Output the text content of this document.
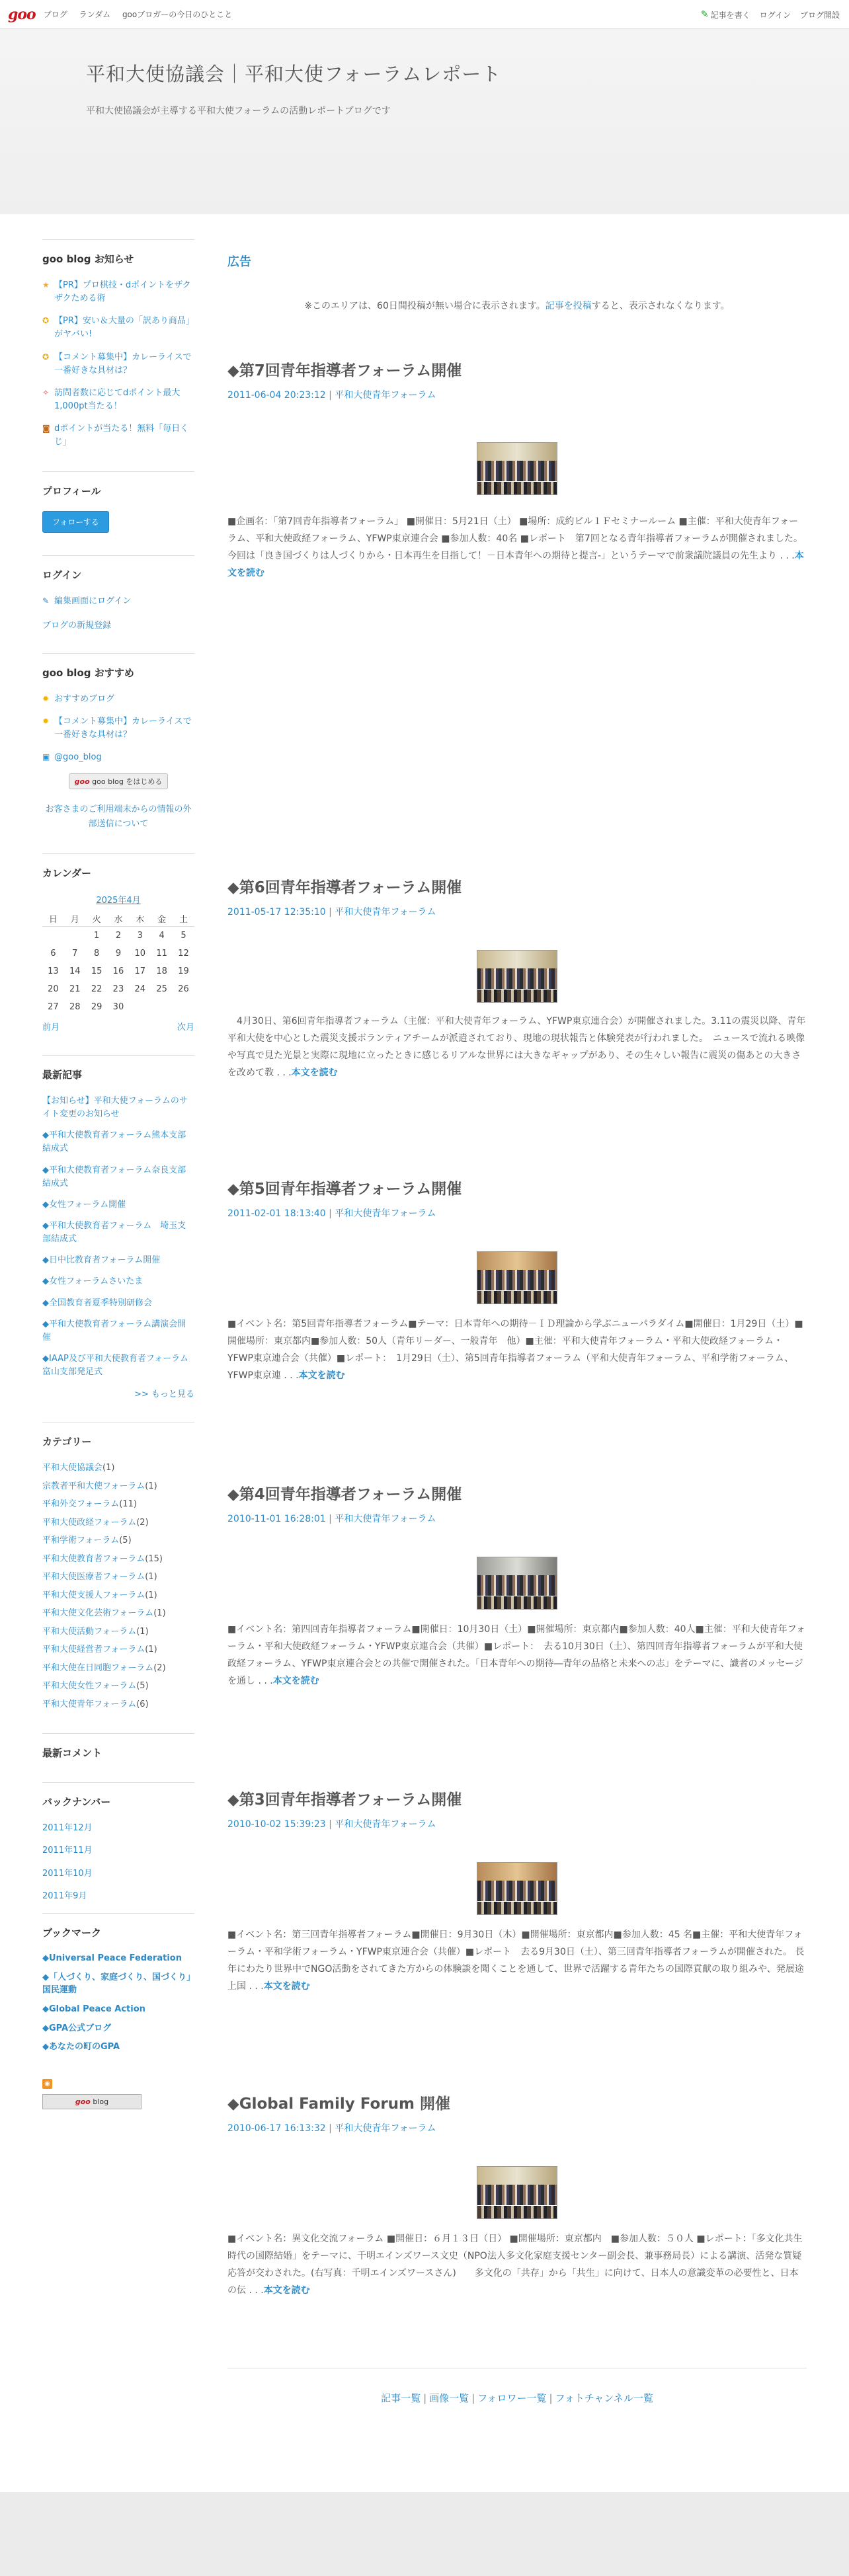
goo ブログ ランダム gooブロガーの今日のひとこと	✎ 記事を書く ログイン ブログ開設
平和大使協議会｜平和大使フォーラムレポート
平和大使協議会が主導する平和大使フォーラムの活動レポートブログです
goo blog お知らせ
★ 【PR】プロ棋技・dポイントをザクザクためる術
✪ 【PR】安い＆大量の「訳あり商品」がヤバい!
✪ 【コメント募集中】カレーライスで一番好きな具材は？
✧ 訪問者数に応じてdポイント最大1,000pt当たる！
◙ dポイントが当たる！無料「毎日くじ」
プロフィール
フォローする
ログイン
✎ 編集画面にログイン
ブログの新規登録
goo blog おすすめ
✹ おすすめブログ
✹ 【コメント募集中】カレーライスで一番好きな具材は？
▣ @goo_blog
goo goo blog をはじめる
お客さまのご利用端末からの情報の外部送信について
カレンダー
2025年4月
日	月	火	水	木	金	土
		1	2	3	4	5
6	7	8	9	10	11	12
13	14	15	16	17	18	19
20	21	22	23	24	25	26
27	28	29	30			
前月	次月
最新記事
【お知らせ】平和大使フォーラムのサイト変更のお知らせ
◆平和大使教育者フォーラム熊本支部結成式
◆平和大使教育者フォーラム奈良支部結成式
◆女性フォーラム開催
◆平和大使教育者フォーラム　埼玉支部結成式
◆日中比教育者フォーラム開催
◆女性フォーラムさいたま
◆全国教育者夏季特別研修会
◆平和大使教育者フォーラム講演会開催
◆IAAP及び平和大使教育者フォーラム富山支部発足式
>> もっと見る
カテゴリー
平和大使協議会 (1)
宗教者平和大使フォーラム (1)
平和外交フォーラム (11)
平和大使政経フォーラム (2)
平和学術フォーラム (5)
平和大使教育者フォーラム (15)
平和大使医療者フォーラム (1)
平和大使支援人フォーラム (1)
平和大使文化芸術フォーラム (1)
平和大使活動フォーラム (1)
平和大使経営者フォーラム (1)
平和大使在日同胞フォーラム (2)
平和大使女性フォーラム (5)
平和大使青年フォーラム (6)
最新コメント
バックナンバー
2011年12月
2011年11月
2011年10月
2011年9月
ブックマーク
◆Universal Peace Federation
◆「人づくり、家庭づくり、国づくり」国民運動
◆Global Peace Action
◆GPA公式ブログ
◆あなたの町のGPA
◉
goo blog
広告
※このエリアは、60日間投稿が無い場合に表示されます。記事を投稿すると、表示されなくなります。
◆第7回青年指導者フォーラム開催
2011-06-04 20:23:12 | 平和大使青年フォーラム
■企画名：「第7回青年指導者フォーラム」 ■開催日：5月21日（土） ■場所：成約ビル１Ｆセミナールーム ■主催：平和大使青年フォーラム、平和大使政経フォーラム、YFWP東京連合会 ■参加人数：40名 ■レポート　第7回となる青年指導者フォーラムが開催されました。 今回は「良き国づくりは人づくりから・日本再生を目指して！－日本青年への期待と提言-」というテーマで前衆議院議員の先生より . . .本文を読む
◆第6回青年指導者フォーラム開催
2011-05-17 12:35:10 | 平和大使青年フォーラム
　4月30日、第6回青年指導者フォーラム（主催：平和大使青年フォーラム、YFWP東京連合会）が開催されました。3.11の震災以降、青年平和大使を中心とした震災支援ボランティアチームが派遣されており、現地の現状報告と体験発表が行われました。　ニュースで流れる映像や写真で見た光景と実際に現地に立ったときに感じるリアルな世界には大きなギャップがあり、その生々しい報告に震災の傷あとの大きさを改めて教 . . .本文を読む
◆第5回青年指導者フォーラム開催
2011-02-01 18:13:40 | 平和大使青年フォーラム
■イベント名：第5回青年指導者フォーラム■テーマ：日本青年への期待－ＩＤ理論から学ぶニューパラダイム■開催日：1月29日（土）■開催場所：東京都内■参加人数：50人（青年リーダー、一般青年　他）■主催：平和大使青年フォーラム・平和大使政経フォーラム・YFWP東京連合会（共催）■レポート：　1月29日（土）、第5回青年指導者フォーラム（平和大使青年フォーラム、平和学術フォーラム、YFWP東京連 . . .本文を読む
◆第4回青年指導者フォーラム開催
2010-11-01 16:28:01 | 平和大使青年フォーラム
■イベント名：第四回青年指導者フォーラム■開催日：10月30日（土）■開催場所：東京都内■参加人数：40人■主催：平和大使青年フォーラム・平和大使政経フォーラム・YFWP東京連合会（共催）■レポート：　去る10月30日（土）、第四回青年指導者フォーラムが平和大使政経フォーラム、YFWP東京連合会との共催で開催された。「日本青年への期待―青年の品格と未来への志」をテーマに、識者のメッセージを通し . . .本文を読む
◆第3回青年指導者フォーラム開催
2010-10-02 15:39:23 | 平和大使青年フォーラム
■イベント名：第三回青年指導者フォーラム■開催日：9月30日（木）■開催場所：東京都内■参加人数：45 名■主催：平和大使青年フォーラム・平和学術フォーラム・YFWP東京連合会（共催）■レポート　去る9月30日（土）、第三回青年指導者フォーラムが開催された。 長年にわたり世界中でNGO活動をされてきた方からの体験談を聞くことを通して、世界で活躍する青年たちの国際貢献の取り組みや、発展途上国 . . .本文を読む
◆Global Family Forum 開催
2010-06-17 16:13:32 | 平和大使青年フォーラム
■イベント名：異文化交流フォーラム ■開催日：６月１３日（日） ■開催場所：東京都内　■参加人数：５０人 ■レポート：「多文化共生時代の国際結婚」をテーマに、千明エインズワース文史（NPO法人多文化家庭支援センター副会長、兼事務局長）による講演、活発な質疑応答が交わされた。(右写真：千明エインズワースさん)　　多文化の「共存」から「共生」に向けて、日本人の意識変革の必要性と、日本の伝 . . .本文を読む
記事一覧 | 画像一覧 | フォロワー一覧 | フォトチャンネル一覧
